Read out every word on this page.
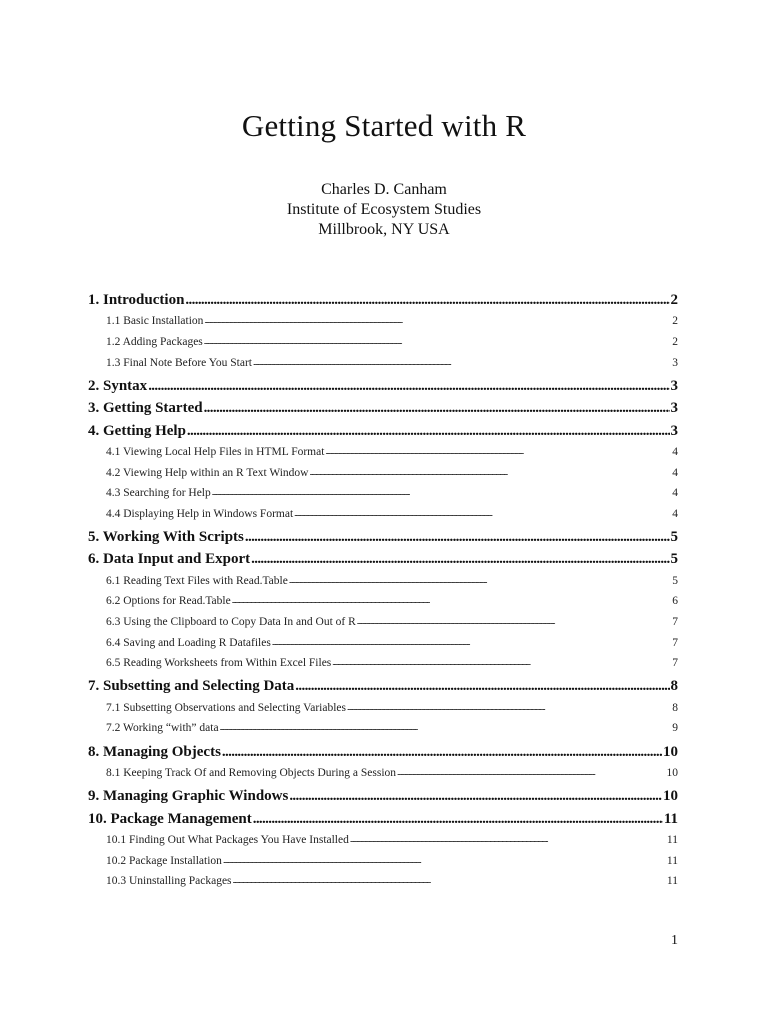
Getting Started with R
Charles D. Canham
Institute of Ecosystem Studies
Millbrook, NY USA
1. Introduction . . .	2
1.1 Basic Installation . . .	2
1.2 Adding Packages . . .	2
1.3 Final Note Before You Start . . .	3
2. Syntax . . .	3
3. Getting Started . . .	3
4. Getting Help . . .	3
4.1 Viewing Local Help Files in HTML Format . . .	4
4.2 Viewing Help within an R Text Window . . .	4
4.3 Searching for Help . . .	4
4.4 Displaying Help in Windows Format . . .	4
5. Working With Scripts . . .	5
6. Data Input and Export . . .	5
6.1 Reading Text Files with Read.Table . . .	5
6.2 Options for Read.Table . . .	6
6.3 Using the Clipboard to Copy Data In and Out of R . . .	7
6.4 Saving and Loading R Datafiles . . .	7
6.5 Reading Worksheets from Within Excel Files . . .	7
7. Subsetting and Selecting Data . . .	8
7.1 Subsetting Observations and Selecting Variables . . .	8
7.2 Working “with” data . . .	9
8. Managing Objects . . .	10
8.1 Keeping Track Of and Removing Objects During a Session . . .	10
9. Managing Graphic Windows . . .	10
10. Package Management . . .	11
10.1 Finding Out What Packages You Have Installed . . .	11
10.2 Package Installation . . .	11
10.3 Uninstalling Packages . . .	11
1
